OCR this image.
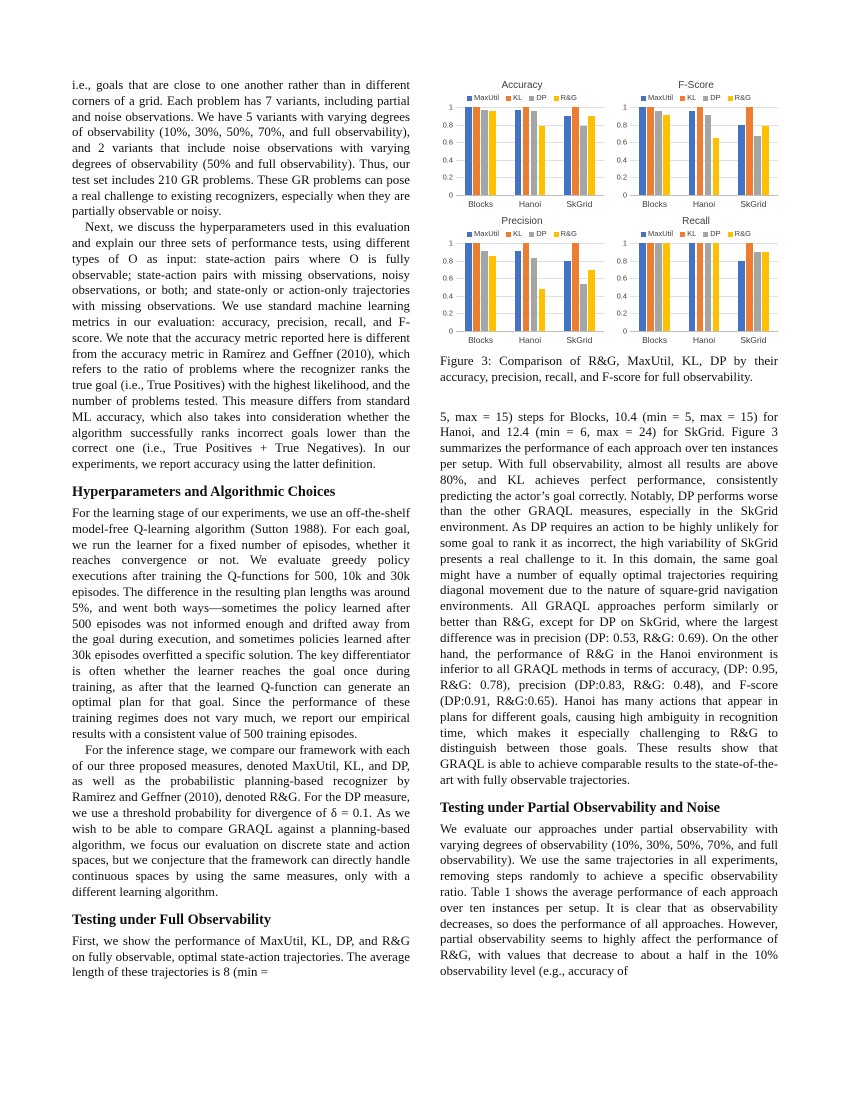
i.e., goals that are close to one another rather than in different corners of a grid. Each problem has 7 variants, including partial and noise observations. We have 5 variants with varying degrees of observability (10%, 30%, 50%, 70%, and full observability), and 2 variants that include noise observations with varying degrees of observability (50% and full observability). Thus, our test set includes 210 GR problems. These GR problems can pose a real challenge to existing recognizers, especially when they are partially observable or noisy.

Next, we discuss the hyperparameters used in this evaluation and explain our three sets of performance tests, using different types of O as input: state-action pairs where O is fully observable; state-action pairs with missing observations, noisy observations, or both; and state-only or action-only trajectories with missing observations. We use standard machine learning metrics in our evaluation: accuracy, precision, recall, and F-score. We note that the accuracy metric reported here is different from the accuracy metric in Ramírez and Geffner (2010), which refers to the ratio of problems where the recognizer ranks the true goal (i.e., True Positives) with the highest likelihood, and the number of problems tested. This measure differs from standard ML accuracy, which also takes into consideration whether the algorithm successfully ranks incorrect goals lower than the correct one (i.e., True Positives + True Negatives). In our experiments, we report accuracy using the latter definition.

Hyperparameters and Algorithmic Choices

For the learning stage of our experiments, we use an off-the-shelf model-free Q-learning algorithm (Sutton 1988). For each goal, we run the learner for a fixed number of episodes, whether it reaches convergence or not. We evaluate greedy policy executions after training the Q-functions for 500, 10k and 30k episodes. The difference in the resulting plan lengths was around 5%, and went both ways—sometimes the policy learned after 500 episodes was not informed enough and drifted away from the goal during execution, and sometimes policies learned after 30k episodes overfitted a specific solution. The key differentiator is often whether the learner reaches the goal once during training, as after that the learned Q-function can generate an optimal plan for that goal. Since the performance of these training regimes does not vary much, we report our empirical results with a consistent value of 500 training episodes.

For the inference stage, we compare our framework with each of our three proposed measures, denoted MaxUtil, KL, and DP, as well as the probabilistic planning-based recognizer by Ramirez and Geffner (2010), denoted R&G. For the DP measure, we use a threshold probability for divergence of δ = 0.1. As we wish to be able to compare GRAQL against a planning-based algorithm, we focus our evaluation on discrete state and action spaces, but we conjecture that the framework can directly handle continuous spaces by using the same measures, only with a different learning algorithm.

Testing under Full Observability

First, we show the performance of MaxUtil, KL, DP, and R&G on fully observable, optimal state-action trajectories. The average length of these trajectories is 8 (min =

Accuracy
MaxUtil KL DP R&G
1
0.8
0.6
0.4
0.2
0
Blocks	Hanoi	SkGrid
F-Score
MaxUtil KL DP R&G
1
0.8
0.6
0.4
0.2
0
Blocks	Hanoi	SkGrid
Precision
MaxUtil KL DP R&G
1
0.8
0.6
0.4
0.2
0
Blocks	Hanoi	SkGrid
Recall
MaxUtil KL DP R&G
1
0.8
0.6
0.4
0.2
0
Blocks	Hanoi	SkGrid

Figure 3: Comparison of R&G, MaxUtil, KL, DP by their accuracy, precision, recall, and F-score for full observability.

5, max = 15) steps for Blocks, 10.4 (min = 5, max = 15) for Hanoi, and 12.4 (min = 6, max = 24) for SkGrid. Figure 3 summarizes the performance of each approach over ten instances per setup. With full observability, almost all results are above 80%, and KL achieves perfect performance, consistently predicting the actor’s goal correctly. Notably, DP performs worse than the other GRAQL measures, especially in the SkGrid environment. As DP requires an action to be highly unlikely for some goal to rank it as incorrect, the high variability of SkGrid presents a real challenge to it. In this domain, the same goal might have a number of equally optimal trajectories requiring diagonal movement due to the nature of square-grid navigation environments. All GRAQL approaches perform similarly or better than R&G, except for DP on SkGrid, where the largest difference was in precision (DP: 0.53, R&G: 0.69). On the other hand, the performance of R&G in the Hanoi environment is inferior to all GRAQL methods in terms of accuracy, (DP: 0.95, R&G: 0.78), precision (DP:0.83, R&G: 0.48), and F-score (DP:0.91, R&G:0.65). Hanoi has many actions that appear in plans for different goals, causing high ambiguity in recognition time, which makes it especially challenging to R&G to distinguish between those goals. These results show that GRAQL is able to achieve comparable results to the state-of-the-art with fully observable trajectories.

Testing under Partial Observability and Noise

We evaluate our approaches under partial observability with varying degrees of observability (10%, 30%, 50%, 70%, and full observability). We use the same trajectories in all experiments, removing steps randomly to achieve a specific observability ratio. Table 1 shows the average performance of each approach over ten instances per setup. It is clear that as observability decreases, so does the performance of all approaches. However, partial observability seems to highly affect the performance of R&G, with values that decrease to about a half in the 10% observability level (e.g., accuracy of
